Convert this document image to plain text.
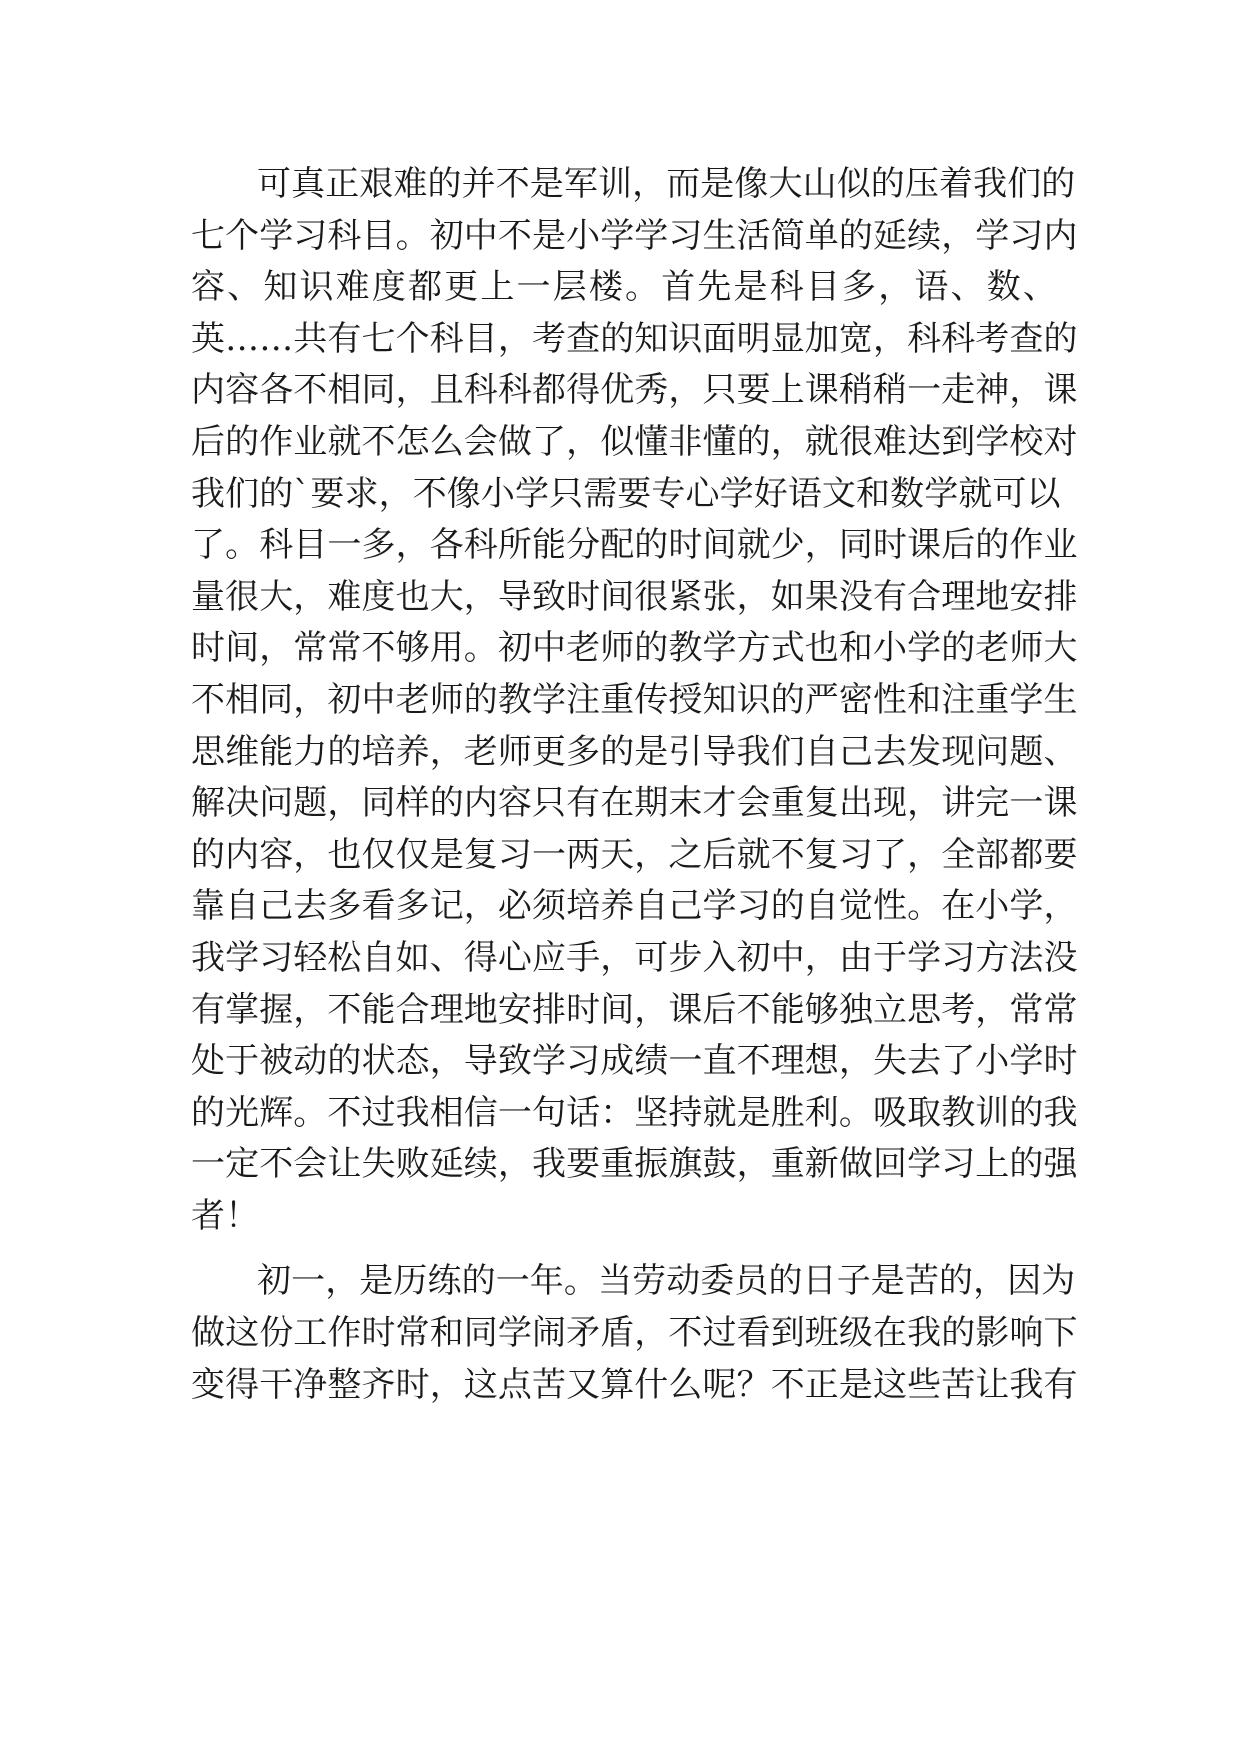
可真正艰难的并不是军训，而是像大山似的压着我们的
七个学习科目。初中不是小学学习生活简单的延续，学习内
容、知识难度都更上一层楼。首先是科目多，语、数、
英……共有七个科目，考查的知识面明显加宽，科科考查的
内容各不相同，且科科都得优秀，只要上课稍稍一走神，课
后的作业就不怎么会做了，似懂非懂的，就很难达到学校对
我们的`要求，不像小学只需要专心学好语文和数学就可以
了。科目一多，各科所能分配的时间就少，同时课后的作业
量很大，难度也大，导致时间很紧张，如果没有合理地安排
时间，常常不够用。初中老师的教学方式也和小学的老师大
不相同，初中老师的教学注重传授知识的严密性和注重学生
思维能力的培养，老师更多的是引导我们自己去发现问题、
解决问题，同样的内容只有在期末才会重复出现，讲完一课
的内容，也仅仅是复习一两天，之后就不复习了，全部都要
靠自己去多看多记，必须培养自己学习的自觉性。在小学，
我学习轻松自如、得心应手，可步入初中，由于学习方法没
有掌握，不能合理地安排时间，课后不能够独立思考，常常
处于被动的状态，导致学习成绩一直不理想，失去了小学时
的光辉。不过我相信一句话：坚持就是胜利。吸取教训的我
一定不会让失败延续，我要重振旗鼓，重新做回学习上的强
者！
初一，是历练的一年。当劳动委员的日子是苦的，因为
做这份工作时常和同学闹矛盾，不过看到班级在我的影响下
变得干净整齐时，这点苦又算什么呢？不正是这些苦让我有
